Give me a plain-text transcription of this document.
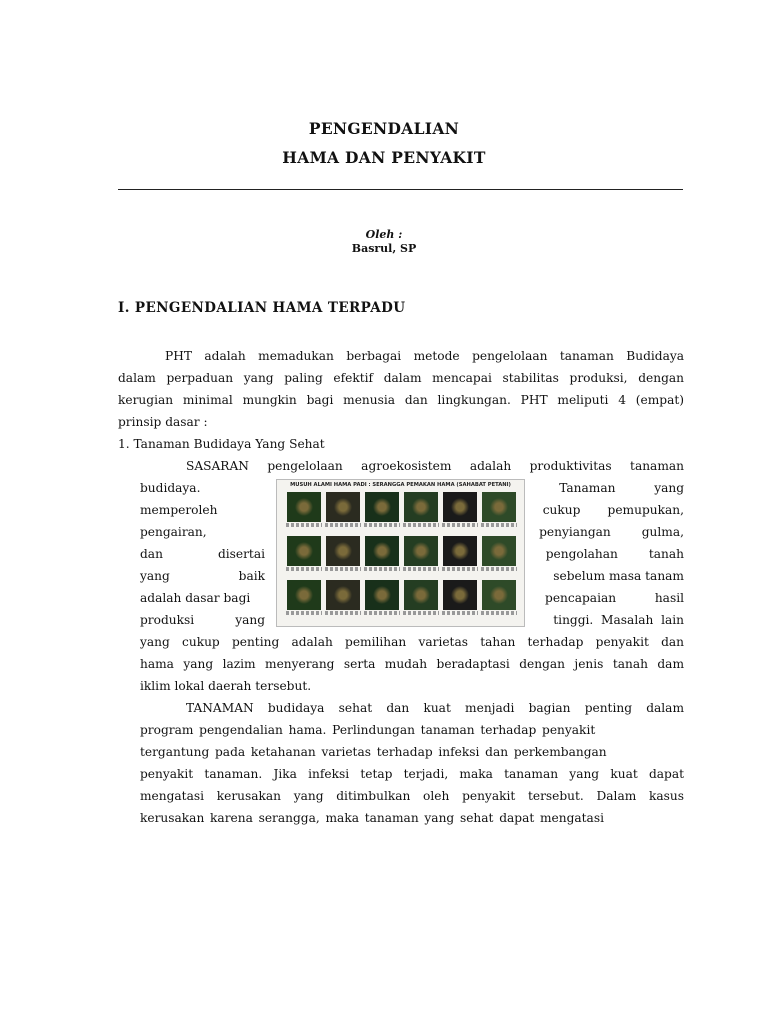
PENGENDALIAN
HAMA DAN PENYAKIT
Oleh :
Basrul, SP
I. PENGENDALIAN HAMA TERPADU
PHT adalah memadukan berbagai metode pengelolaan tanaman Budidaya
dalam perpaduan yang paling efektif dalam mencapai stabilitas produksi, dengan
kerugian minimal mungkin bagi menusia dan lingkungan. PHT meliputi 4 (empat)
prinsip dasar :
1. Tanaman Budidaya Yang Sehat
SASARAN pengelolaan agroekosistem adalah produktivitas tanaman
budidaya.
memperoleh
pengairan,
dan        disertai
yang        baik
adalah dasar bagi
produksi      yang
Tanaman          yang
cukup       pemupukan,
penyiangan        gulma,
pengolahan        tanah
sebelum masa tanam
pencapaian          hasil
tinggi.  Masalah  lain
yang cukup penting adalah pemilihan varietas tahan terhadap penyakit dan
hama yang lazim menyerang serta mudah beradaptasi dengan jenis tanah dam
iklim lokal daerah tersebut.
TANAMAN budidaya sehat dan kuat menjadi bagian penting dalam
program  pengendalian  hama.  Perlindungan  tanaman  terhadap  penyakit
tergantung  pada  ketahanan  varietas  terhadap  infeksi  dan  perkembangan
penyakit tanaman. Jika infeksi tetap terjadi, maka tanaman yang kuat dapat
mengatasi kerusakan yang ditimbulkan oleh penyakit tersebut. Dalam kasus
kerusakan  karena  serangga,  maka  tanaman  yang  sehat  dapat  mengatasi
MUSUH ALAMI HAMA PADI : SERANGGA PEMAKAN HAMA (SAHABAT PETANI)
